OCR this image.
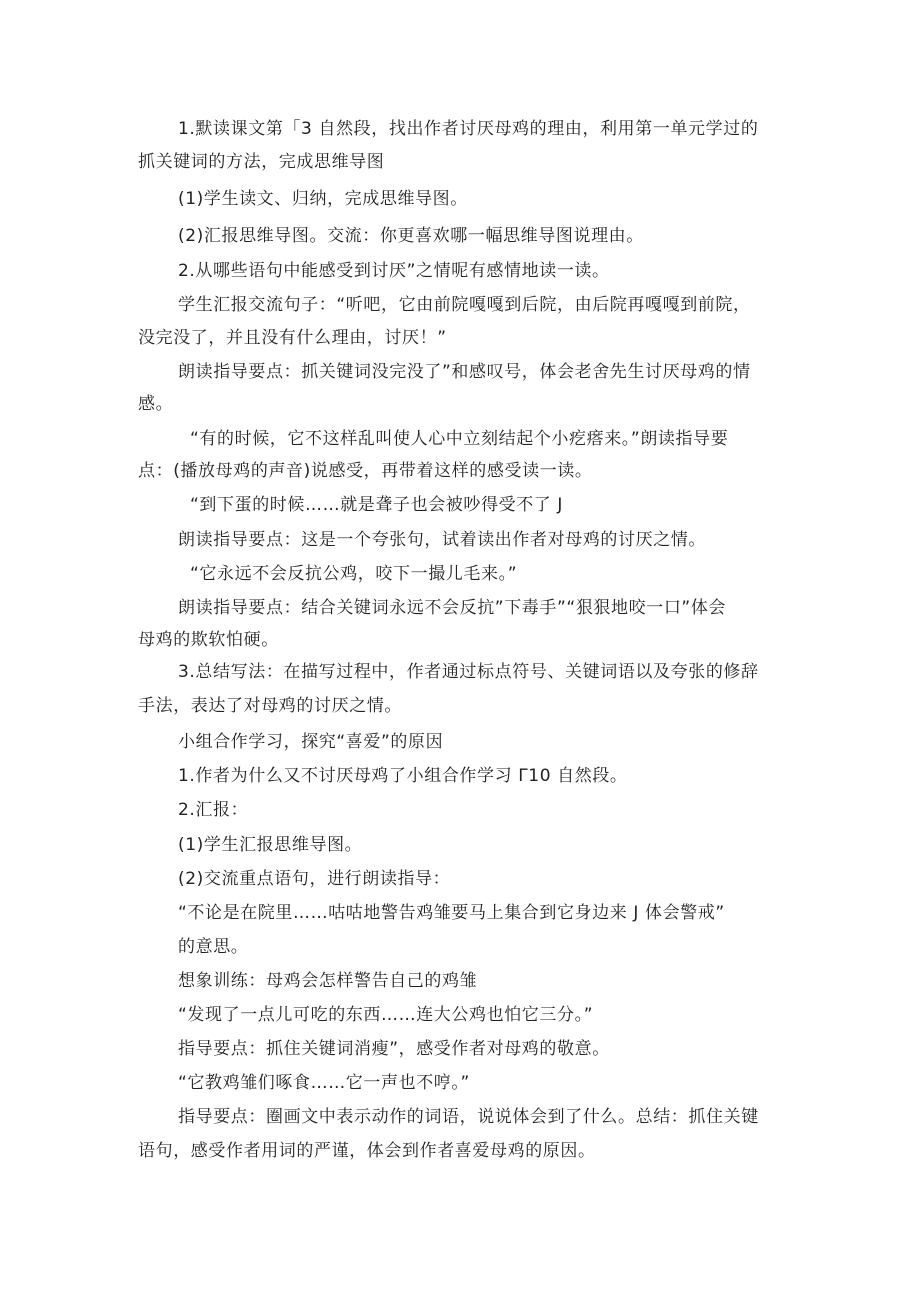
1.默读课文第「3 自然段，找出作者讨厌母鸡的理由，利用第一单元学过的
抓关键词的方法，完成思维导图
(1)学生读文、归纳，完成思维导图。
(2)汇报思维导图。交流：你更喜欢哪一幅思维导图说理由。
2.从哪些语句中能感受到讨厌”之情呢有感情地读一读。
学生汇报交流句子：“听吧，它由前院嘎嘎到后院，由后院再嘎嘎到前院，
没完没了，并且没有什么理由，讨厌！”
朗读指导要点：抓关键词没完没了”和感叹号，体会老舍先生讨厌母鸡的情
感。
“有的时候，它不这样乱叫使人心中立刻结起个小疙瘩来。”朗读指导要
点：(播放母鸡的声音)说感受，再带着这样的感受读一读。
“到下蛋的时候……就是聋子也会被吵得受不了 J
朗读指导要点：这是一个夸张句，试着读出作者对母鸡的讨厌之情。
“它永远不会反抗公鸡，咬下一撮儿毛来。”
朗读指导要点：结合关键词永远不会反抗”下毒手”“狠狠地咬一口”体会
母鸡的欺软怕硬。
3.总结写法：在描写过程中，作者通过标点符号、关键词语以及夸张的修辞
手法，表达了对母鸡的讨厌之情。
小组合作学习，探究“喜爱”的原因
1.作者为什么又不讨厌母鸡了小组合作学习 Γ10 自然段。
2.汇报：
(1)学生汇报思维导图。
(2)交流重点语句，进行朗读指导：
“不论是在院里……咕咕地警告鸡雏要马上集合到它身边来 J 体会警戒”
的意思。
想象训练：母鸡会怎样警告自己的鸡雏
“发现了一点儿可吃的东西……连大公鸡也怕它三分。”
指导要点：抓住关键词消瘦”，感受作者对母鸡的敬意。
“它教鸡雏们啄食……它一声也不哼。”
指导要点：圈画文中表示动作的词语，说说体会到了什么。总结：抓住关键
语句，感受作者用词的严谨，体会到作者喜爱母鸡的原因。
